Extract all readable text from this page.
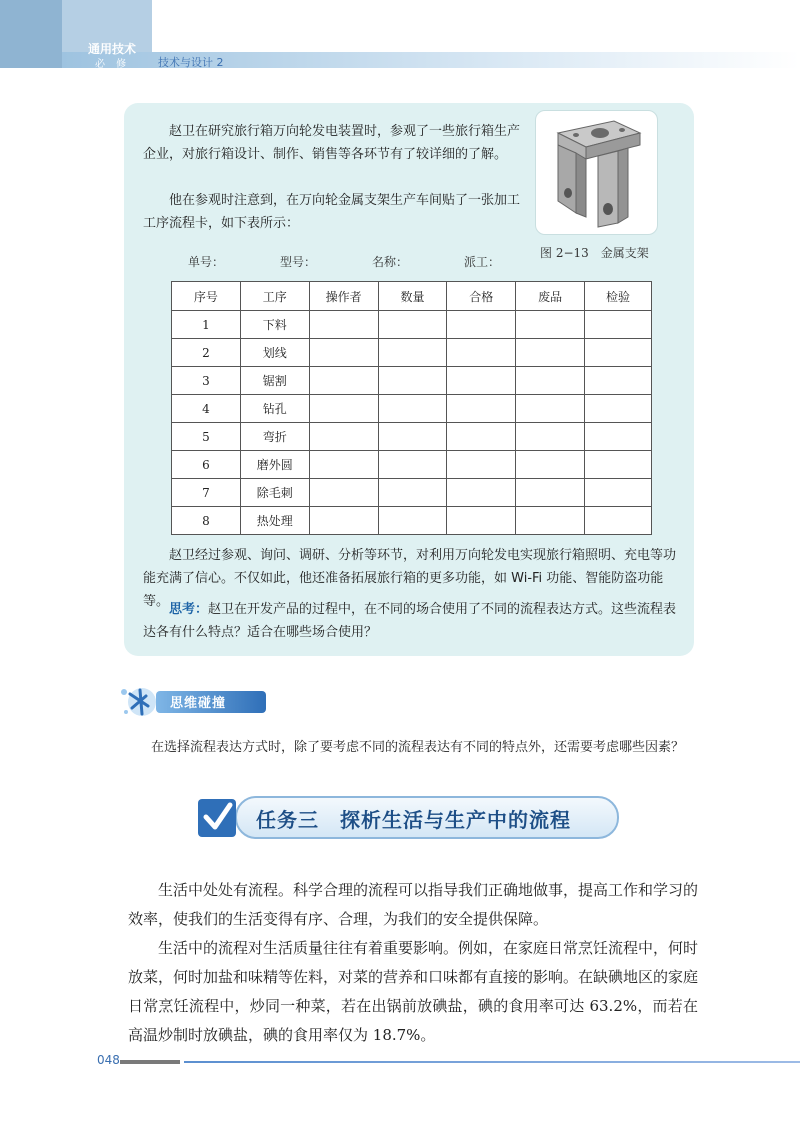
通用技术
必 修	技术与设计 2
赵卫在研究旅行箱万向轮发电装置时，参观了一些旅行箱生产企业，对旅行箱设计、制作、销售等各环节有了较详细的了解。
他在参观时注意到，在万向轮金属支架生产车间贴了一张加工工序流程卡，如下表所示：
图 2−13　金属支架
单号：	型号：	名称：	派工：
序号	工序	操作者	数量	合格	废品	检验
1	下料					
2	划线					
3	锯割					
4	钻孔					
5	弯折					
6	磨外圆					
7	除毛刺					
8	热处理					
赵卫经过参观、询问、调研、分析等环节，对利用万向轮发电实现旅行箱照明、充电等功能充满了信心。不仅如此，他还准备拓展旅行箱的更多功能，如 Wi-Fi 功能、智能防盗功能等。
思考：赵卫在开发产品的过程中，在不同的场合使用了不同的流程表达方式。这些流程表达各有什么特点？适合在哪些场合使用？
思维碰撞
在选择流程表达方式时，除了要考虑不同的流程表达有不同的特点外，还需要考虑哪些因素？
任务三　探析生活与生产中的流程
生活中处处有流程。科学合理的流程可以指导我们正确地做事，提高工作和学习的效率，使我们的生活变得有序、合理，为我们的安全提供保障。
生活中的流程对生活质量往往有着重要影响。例如，在家庭日常烹饪流程中，何时放菜，何时加盐和味精等佐料，对菜的营养和口味都有直接的影响。在缺碘地区的家庭日常烹饪流程中，炒同一种菜，若在出锅前放碘盐，碘的食用率可达 63.2%，而若在高温炒制时放碘盐，碘的食用率仅为 18.7%。
048
